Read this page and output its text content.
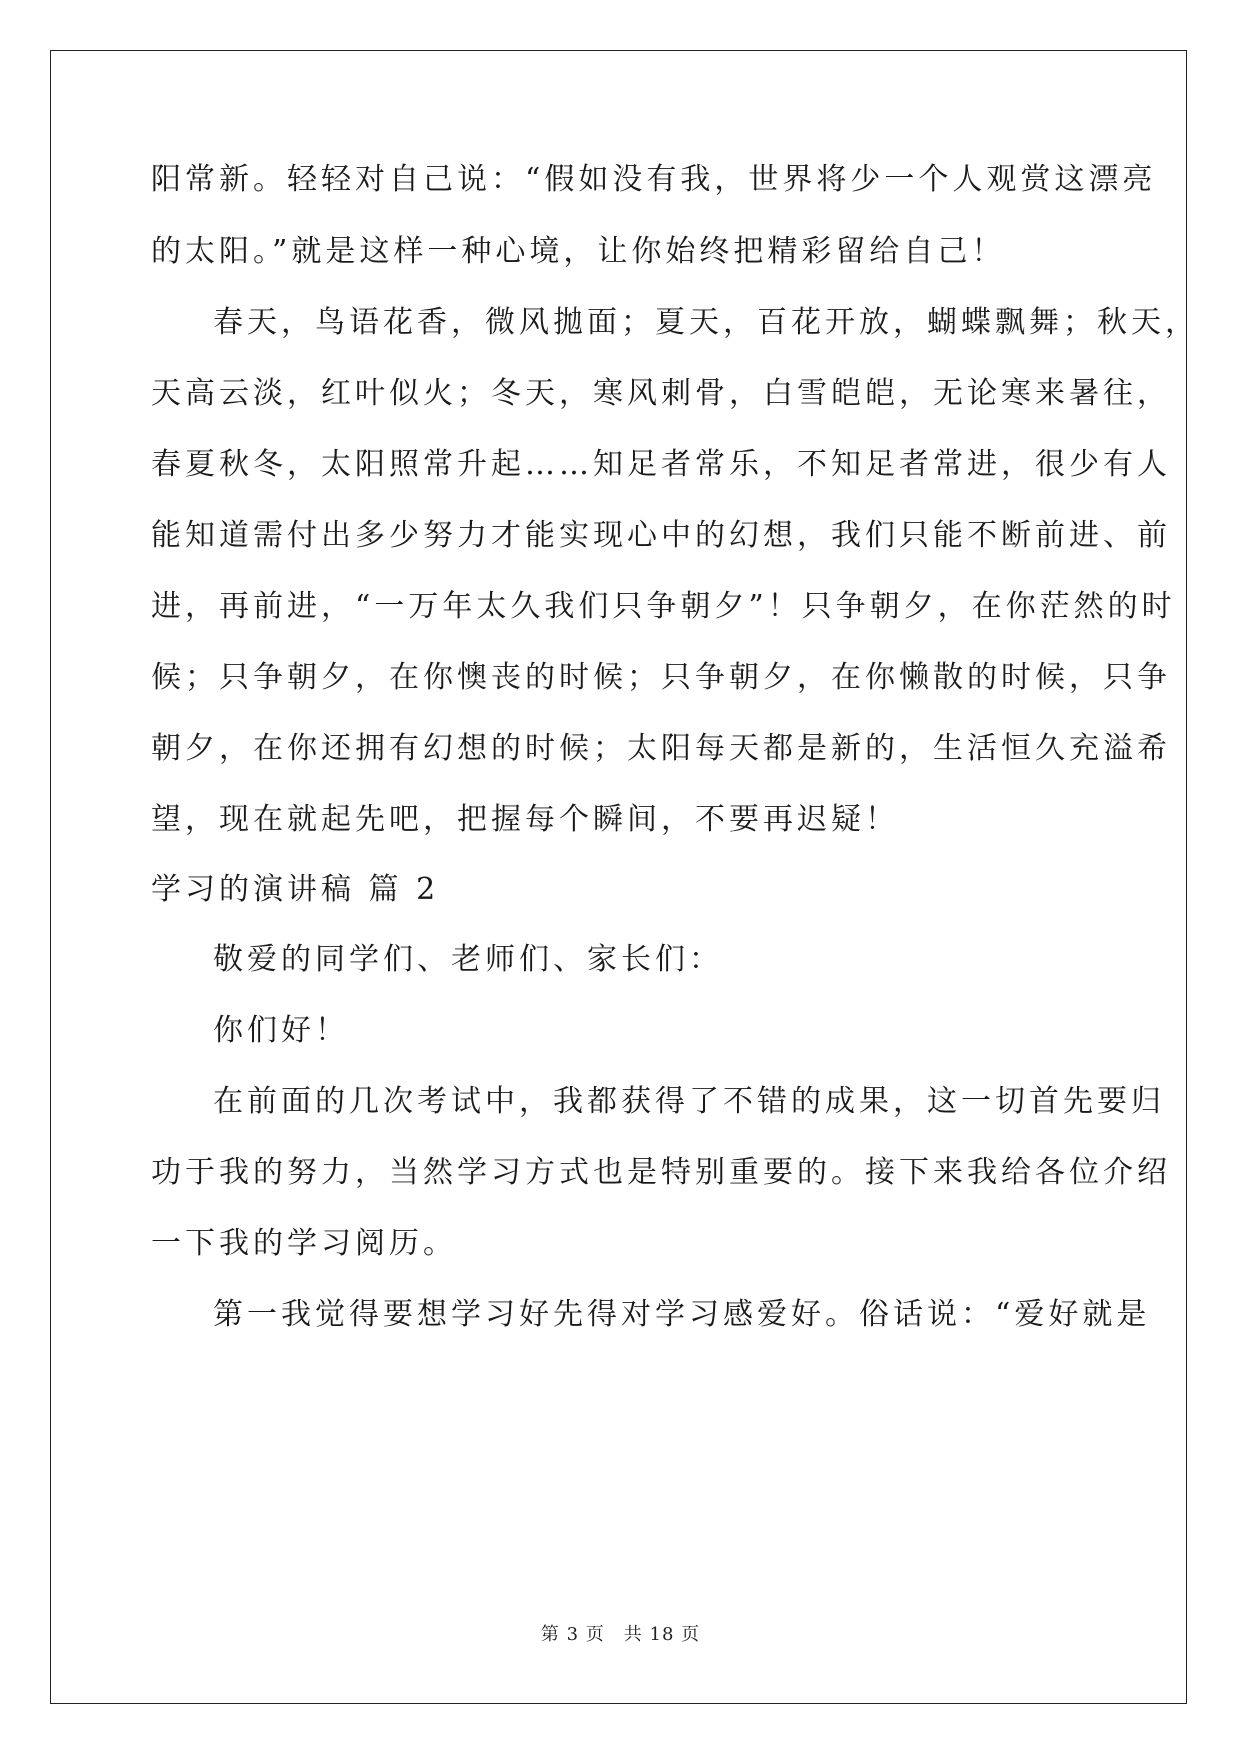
阳常新。轻轻对自己说：“假如没有我，世界将少一个人观赏这漂亮
的太阳。”就是这样一种心境，让你始终把精彩留给自己！
春天，鸟语花香，微风拋面；夏天，百花开放，蝴蝶飘舞；秋天，
天高云淡，红叶似火；冬天，寒风刺骨，白雪皑皑，无论寒来暑往，
春夏秋冬，太阳照常升起……知足者常乐，不知足者常进，很少有人
能知道需付出多少努力才能实现心中的幻想，我们只能不断前进、前
进，再前进，“一万年太久我们只争朝夕”！只争朝夕，在你茫然的时
候；只争朝夕，在你懊丧的时候；只争朝夕，在你懒散的时候，只争
朝夕，在你还拥有幻想的时候；太阳每天都是新的，生活恒久充溢希
望，现在就起先吧，把握每个瞬间，不要再迟疑！
学习的演讲稿 篇 2
敬爱的同学们、老师们、家长们：
你们好！
在前面的几次考试中，我都获得了不错的成果，这一切首先要归
功于我的努力，当然学习方式也是特别重要的。接下来我给各位介绍
一下我的学习阅历。
第一我觉得要想学习好先得对学习感爱好。俗话说：“爱好就是
第 3 页　共 18 页
